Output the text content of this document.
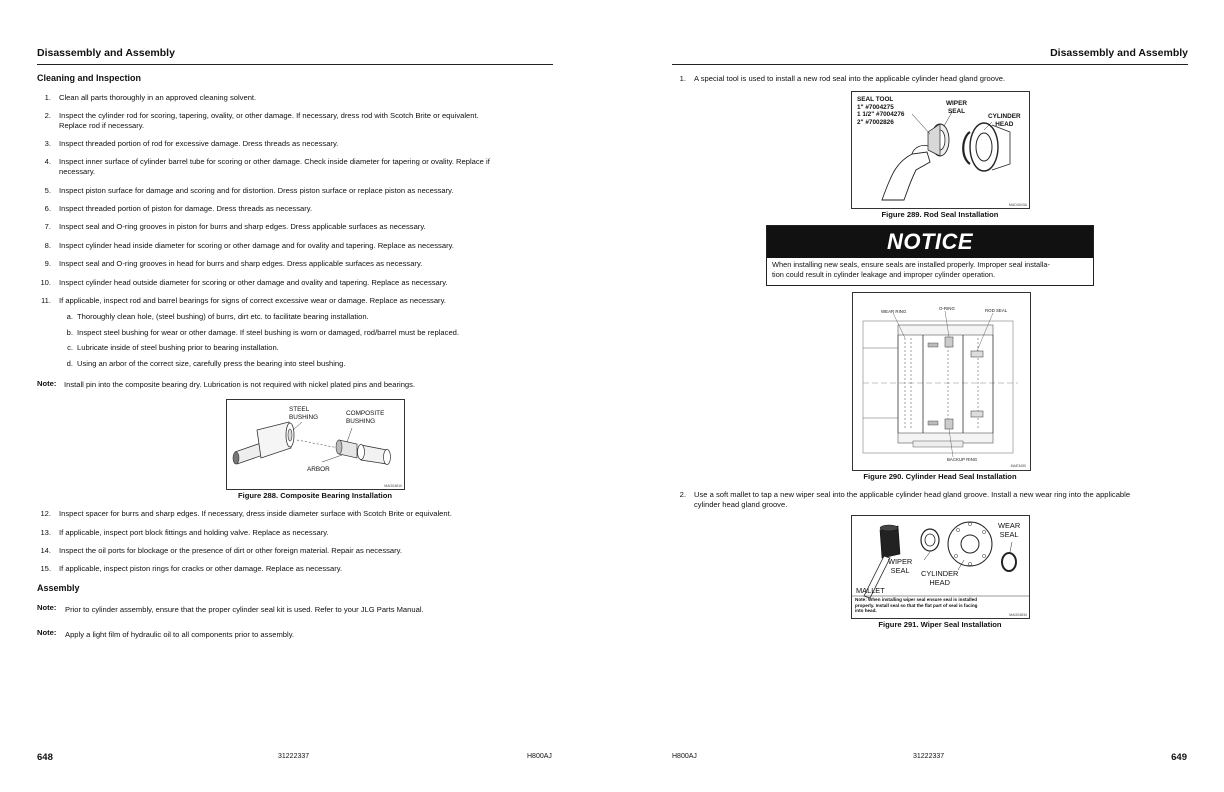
Disassembly and Assembly
Cleaning and Inspection
1. Clean all parts thoroughly in an approved cleaning solvent.
2. Inspect the cylinder rod for scoring, tapering, ovality, or other damage. If necessary, dress rod with Scotch Brite or equivalent.
Replace rod if necessary.
3. Inspect threaded portion of rod for excessive damage. Dress threads as necessary.
4. Inspect inner surface of cylinder barrel tube for scoring or other damage. Check inside diameter for tapering or ovality. Replace if
necessary.
5. Inspect piston surface for damage and scoring and for distortion. Dress piston surface or replace piston as necessary.
6. Inspect threaded portion of piston for damage. Dress threads as necessary.
7. Inspect seal and O-ring grooves in piston for burrs and sharp edges. Dress applicable surfaces as necessary.
8. Inspect cylinder head inside diameter for scoring or other damage and for ovality and tapering. Replace as necessary.
9. Inspect seal and O-ring grooves in head for burrs and sharp edges. Dress applicable surfaces as necessary.
10. Inspect cylinder head outside diameter for scoring or other damage and ovality and tapering. Replace as necessary.
11. If applicable, inspect rod and barrel bearings for signs of correct excessive wear or damage. Replace as necessary.
a. Thoroughly clean hole, (steel bushing) of burrs, dirt etc. to facilitate bearing installation.
b. Inspect steel bushing for wear or other damage. If steel bushing is worn or damaged, rod/barrel must be replaced.
c. Lubricate inside of steel bushing prior to bearing installation.
d. Using an arbor of the correct size, carefully press the bearing into steel bushing.
Note: Install pin into the composite bearing dry. Lubrication is not required with nickel plated pins and bearings.
STEEL
BUSHING	COMPOSITE
BUSHING
ARBOR
MAO04810
Figure 288. Composite Bearing Installation
12. Inspect spacer for burrs and sharp edges. If necessary, dress inside diameter surface with Scotch Brite or equivalent.
13. If applicable, inspect port block fittings and holding valve. Replace as necessary.
14. Inspect the oil ports for blockage or the presence of dirt or other foreign material. Repair as necessary.
15. If applicable, inspect piston rings for cracks or other damage. Replace as necessary.
Assembly
Note: Prior to cylinder assembly, ensure that the proper cylinder seal kit is used. Refer to your JLG Parts Manual.
Note: Apply a light film of hydraulic oil to all components prior to assembly.
648	31222337	H800AJ
Disassembly and Assembly
1. A special tool is used to install a new rod seal into the applicable cylinder head gland groove.
SEAL TOOL
1" #7004275
1 1/2" #7004276
2" #7002826
WIPER
SEAL
CYLINDER
HEAD
MAO4043A
Figure 289. Rod Seal Installation
NOTICE
When installing new seals, ensure seals are installed properly. Improper seal installa-
tion could result in cylinder leakage and improper cylinder operation.
WEAR RING
O-RING	ROD SEAL
BACKUP RING
MAE3490
Figure 290. Cylinder Head Seal Installation
2. Use a soft mallet to tap a new wiper seal into the applicable cylinder head gland groove. Install a new wear ring into the applicable
cylinder head gland groove.
WEAR
SEAL
WIPER
SEAL	CYLINDER
HEAD
MALLET
Note: When installing wiper seal ensure seal is installed
properly. Install seal so that the flat part of seal is facing
into head.
MAO04834
Figure 291. Wiper Seal Installation
H800AJ	31222337	649
